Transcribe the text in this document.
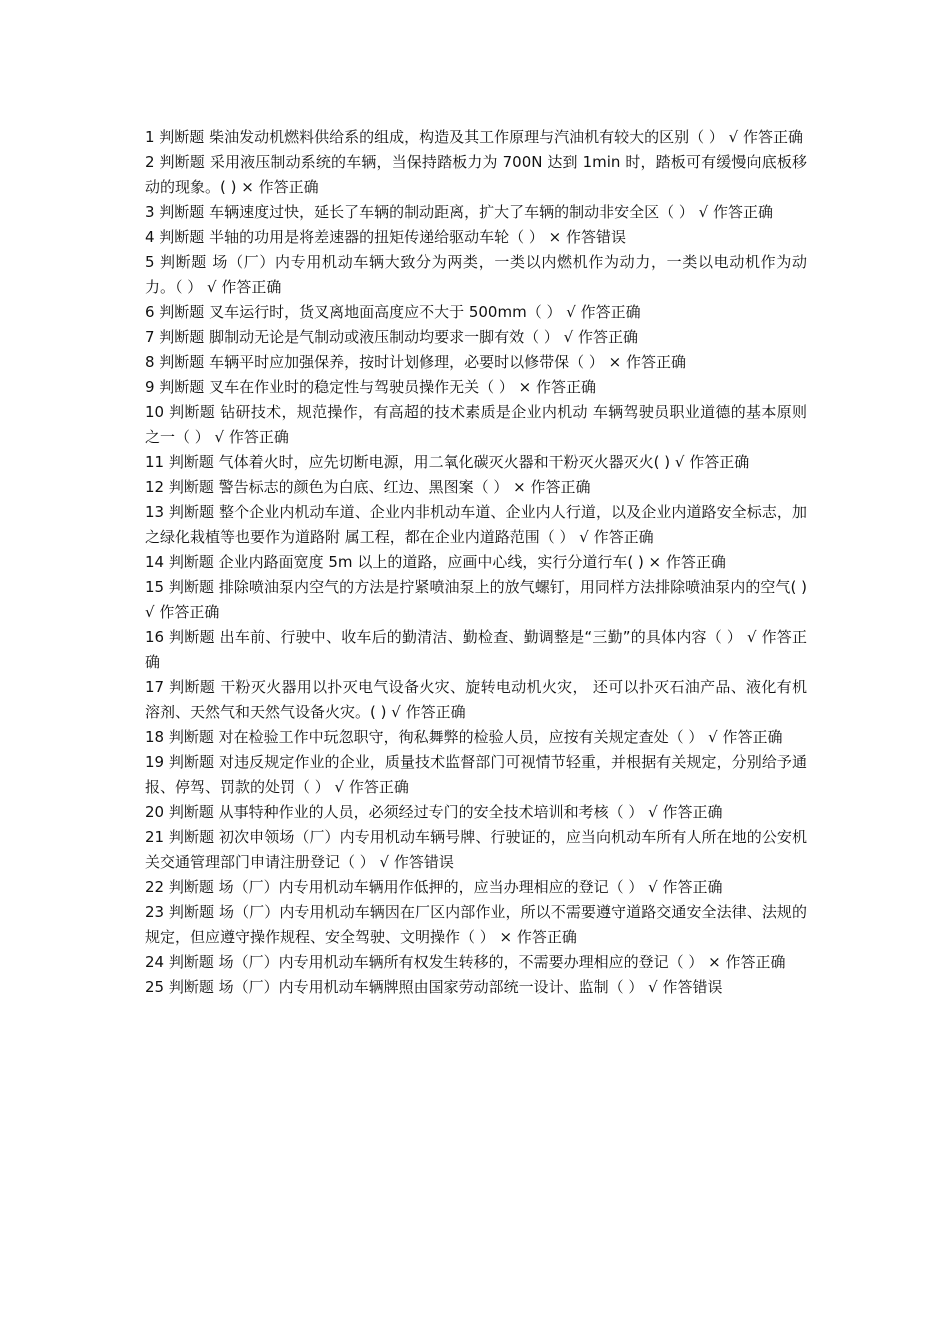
1 判断题 柴油发动机燃料供给系的组成，构造及其工作原理与汽油机有较大的区别（ ） √ 作答正确

2 判断题 采用液压制动系统的车辆，当保持踏板力为 700N 达到 1min 时，踏板可有缓慢向底板移动的现象。( ) × 作答正确

3 判断题 车辆速度过快，延长了车辆的制动距离，扩大了车辆的制动非安全区（ ） √ 作答正确

4 判断题 半轴的功用是将差速器的扭矩传递给驱动车轮（ ） × 作答错误

5 判断题 场（厂）内专用机动车辆大致分为两类，一类以内燃机作为动力，一类以电动机作为动力。（ ） √ 作答正确

6 判断题 叉车运行时，货叉离地面高度应不大于 500mm（ ） √ 作答正确

7 判断题 脚制动无论是气制动或液压制动均要求一脚有效（ ） √ 作答正确

8 判断题 车辆平时应加强保养，按时计划修理，必要时以修带保（ ） × 作答正确

9 判断题 叉车在作业时的稳定性与驾驶员操作无关（ ） × 作答正确

10 判断题 钻研技术，规范操作，有高超的技术素质是企业内机动 车辆驾驶员职业道德的基本原则之一（ ） √ 作答正确

11 判断题 气体着火时，应先切断电源，用二氧化碳灭火器和干粉灭火器灭火( ) √ 作答正确

12 判断题 警告标志的颜色为白底、红边、黑图案（ ） × 作答正确

13 判断题 整个企业内机动车道、企业内非机动车道、企业内人行道，以及企业内道路安全标志，加之绿化栽植等也要作为道路附 属工程，都在企业内道路范围（ ） √ 作答正确

14 判断题 企业内路面宽度 5m 以上的道路，应画中心线，实行分道行车( ) × 作答正确

15 判断题 排除喷油泵内空气的方法是拧紧喷油泵上的放气螺钉，用同样方法排除喷油泵内的空气( ) √ 作答正确

16 判断题 出车前、行驶中、收车后的勤清洁、勤检查、勤调整是“三勤”的具体内容（ ） √ 作答正确

17 判断题 干粉灭火器用以扑灭电气设备火灾、旋转电动机火灾， 还可以扑灭石油产品、液化有机溶剂、天然气和天然气设备火灾。( ) √ 作答正确

18 判断题 对在检验工作中玩忽职守，徇私舞弊的检验人员，应按有关规定查处（ ） √ 作答正确

19 判断题 对违反规定作业的企业，质量技术监督部门可视情节轻重，并根据有关规定，分别给予通报、停驾、罚款的处罚（ ） √ 作答正确

20 判断题 从事特种作业的人员，必须经过专门的安全技术培训和考核（ ） √ 作答正确

21 判断题 初次申领场（厂）内专用机动车辆号牌、行驶证的，应当向机动车所有人所在地的公安机关交通管理部门申请注册登记（ ） √ 作答错误

22 判断题 场（厂）内专用机动车辆用作低押的，应当办理相应的登记（ ） √ 作答正确

23 判断题 场（厂）内专用机动车辆因在厂区内部作业，所以不需要遵守道路交通安全法律、法规的规定，但应遵守操作规程、安全驾驶、文明操作（ ） × 作答正确

24 判断题 场（厂）内专用机动车辆所有权发生转移的，不需要办理相应的登记（ ） × 作答正确

25 判断题 场（厂）内专用机动车辆牌照由国家劳动部统一设计、监制（ ） √ 作答错误
